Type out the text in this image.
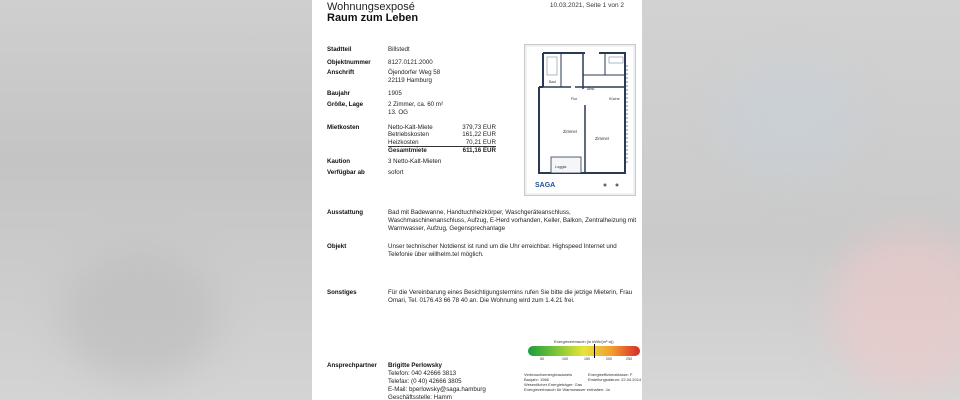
Wohnungsexposé
Raum zum Leben
10.03.2021, Seite 1 von 2
Stadtteil	Billstedt
Objektnummer	8127.0121.2000
Anschrift	Öjendorfer Weg 58
22119 Hamburg
Baujahr	1905
Größe, Lage	2 Zimmer, ca. 60 m²
13. OG
Mietkosten	Netto-Kalt-Miete	379,73 EUR
Betriebskosten	161,22 EUR
Heizkosten	70,21 EUR
Gesamtmiete	611,16 EUR
Kaution	3 Netto-Kalt-Mieten
Verfügbar ab	sofort
Zimmer
Zimmer
Küche
Bad
Abst.
Loggia
Flur
SAGA
Ausstattung	Bad mit Badewanne, Handtuchheizkörper, Waschgeräteanschluss,
Waschmaschinenanschluss, Aufzug, E-Herd vorhanden, Keller, Balkon, Zentralheizung mit
Warmwasser, Aufzug, Gegensprechanlage
Objekt	Unser technischer Notdienst ist rund um die Uhr erreichbar. Highspeed Internet und
Telefonie über willhelm.tel möglich.
Sonstiges	Für die Vereinbarung eines Besichtigungstermins rufen Sie bitte die jetzige Mieterin, Frau
Omari, Tel. 0176.43 66 78 40 an. Die Wohnung wird zum 1.4.21 frei.
Ansprechpartner Brigitte Perlowsky
Telefon: 040 42666 3813
Telefax: (0 40) 42666 3805
E-Mail: bperlowsky@saga.hamburg
Geschäftsstelle: Hamm
Energieverbrauch (in kWh/(m²·a))
50	100	150	200	250
Verbrauchsenergieausweis
Baujahr: 1966
Wesentlicher Energieträger: Gas
Energieverbrauch für Warmwasser enthalten: Ja
Energieeffizienzklasse: F
Erstellungsdatum: 22.04.2014
